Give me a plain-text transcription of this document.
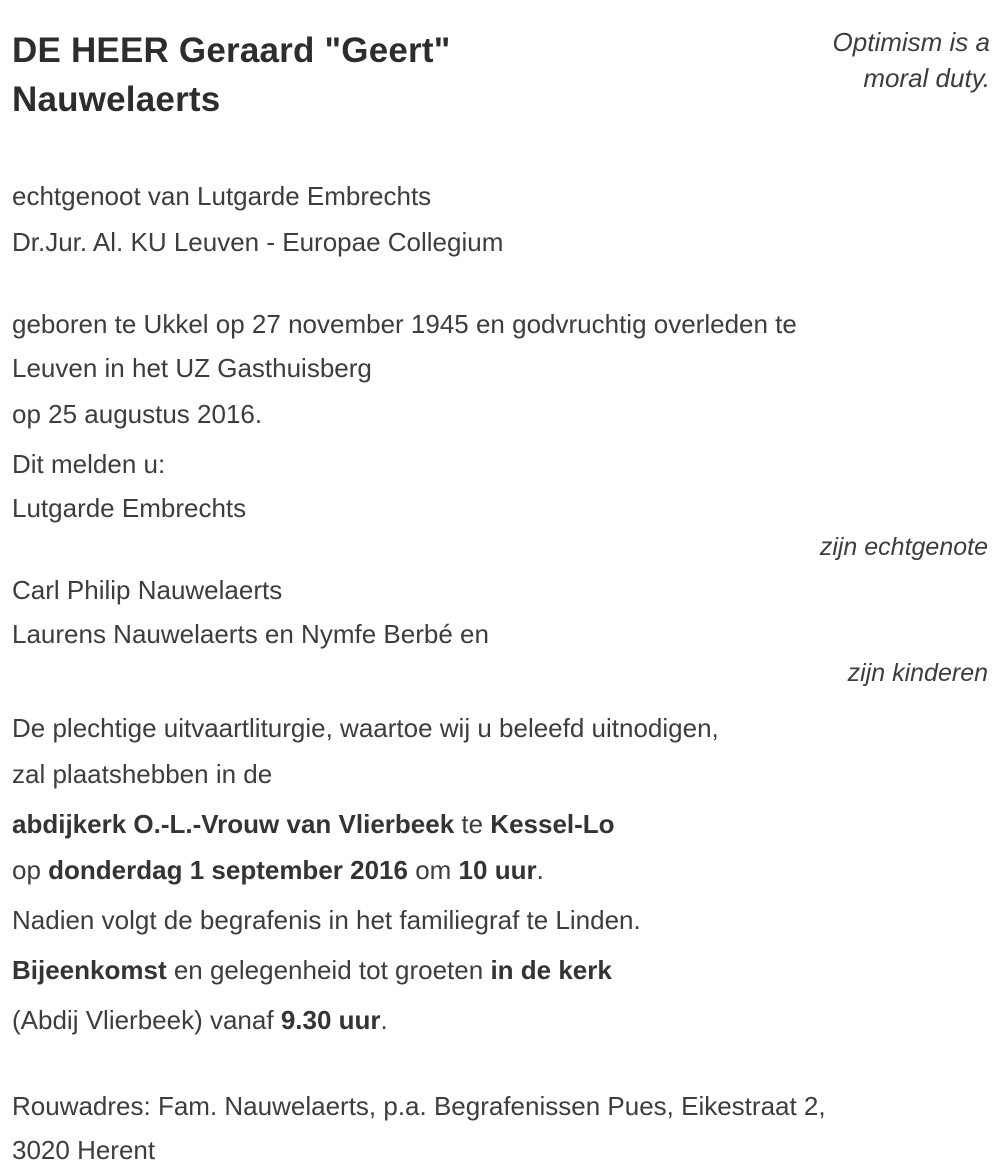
DE HEER Geraard "Geert"
Nauwelaerts
Optimism is a
moral duty.

echtgenoot van Lutgarde Embrechts

Dr.Jur. Al. KU Leuven - Europae Collegium

geboren te Ukkel op 27 november 1945 en godvruchtig overleden te

Leuven in het UZ Gasthuisberg

op 25 augustus 2016.

Dit melden u:

Lutgarde Embrechts

zijn echtgenote

Carl Philip Nauwelaerts

Laurens Nauwelaerts en Nymfe Berbé en

zijn kinderen

De plechtige uitvaartliturgie, waartoe wij u beleefd uitnodigen,

zal plaatshebben in de

abdijkerk O.-L.-Vrouw van Vlierbeek te Kessel-Lo

op donderdag 1 september 2016 om 10 uur.

Nadien volgt de begrafenis in het familiegraf te Linden.

Bijeenkomst en gelegenheid tot groeten in de kerk

(Abdij Vlierbeek) vanaf 9.30 uur.

Rouwadres: Fam. Nauwelaerts, p.a. Begrafenissen Pues, Eikestraat 2,

3020 Herent
